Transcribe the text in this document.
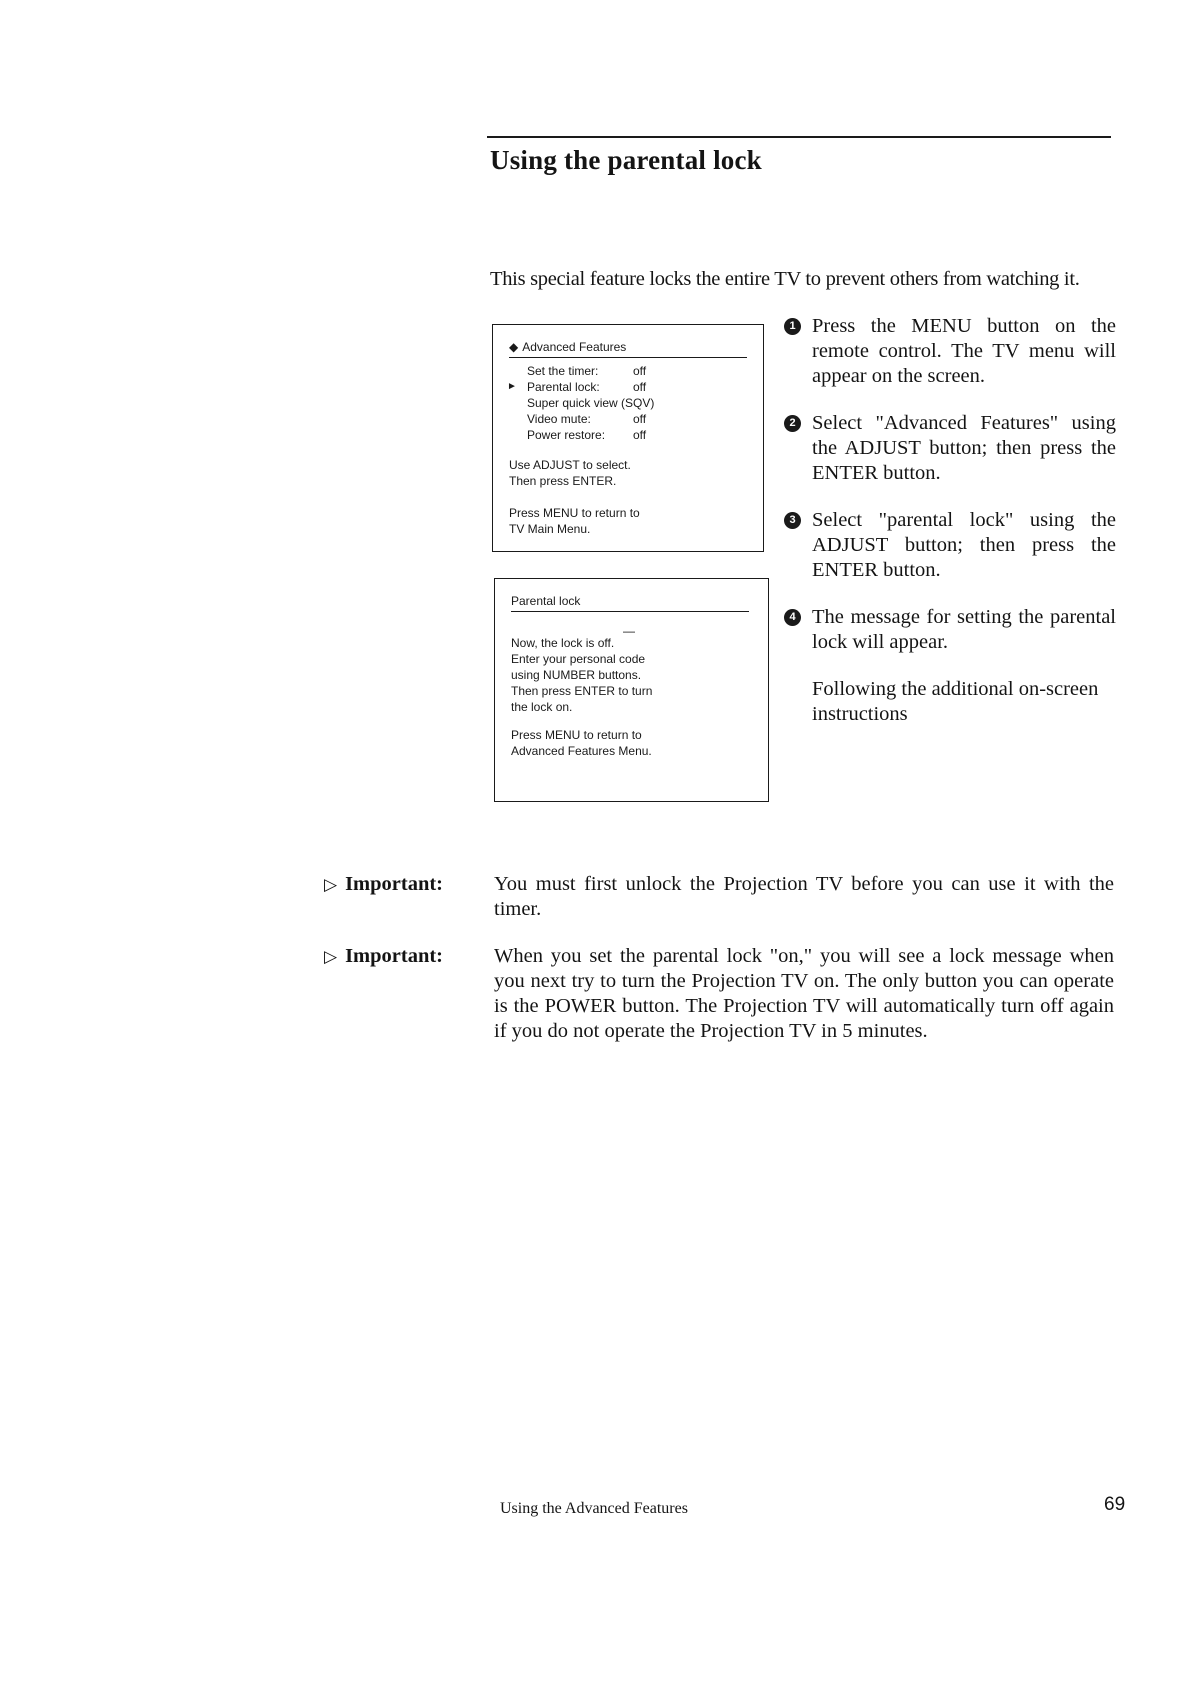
Using the parental lock
This special feature locks the entire TV to prevent others from watching it.
◆ Advanced Features
Set the timer:	off
► Parental lock:	off
Super quick view (SQV)
Video mute:	off
Power restore: off
Use ADJUST to select.
Then press ENTER.
Press MENU to return to
TV Main Menu.
Parental lock
—
Now, the lock is off.
Enter your personal code
using NUMBER buttons.
Then press ENTER to turn
the lock on.
Press MENU to return to
Advanced Features Menu.
1 Press the MENU button on the remote control. The TV menu will appear on the screen.

2 Select "Advanced Features" using the ADJUST button; then press the ENTER button.

3 Select "parental lock" using the ADJUST button; then press the ENTER button.

4 The message for setting the parental lock will appear.

Following the additional on-screen instructions

▷ Important: You must first unlock the Projection TV before you can use it with the timer.
▷ Important: When you set the parental lock "on," you will see a lock message when you next try to turn the Projection TV on. The only button you can operate is the POWER button. The Projection TV will automatically turn off again if you do not operate the Projection TV in 5 minutes.
Using the Advanced Features	69
